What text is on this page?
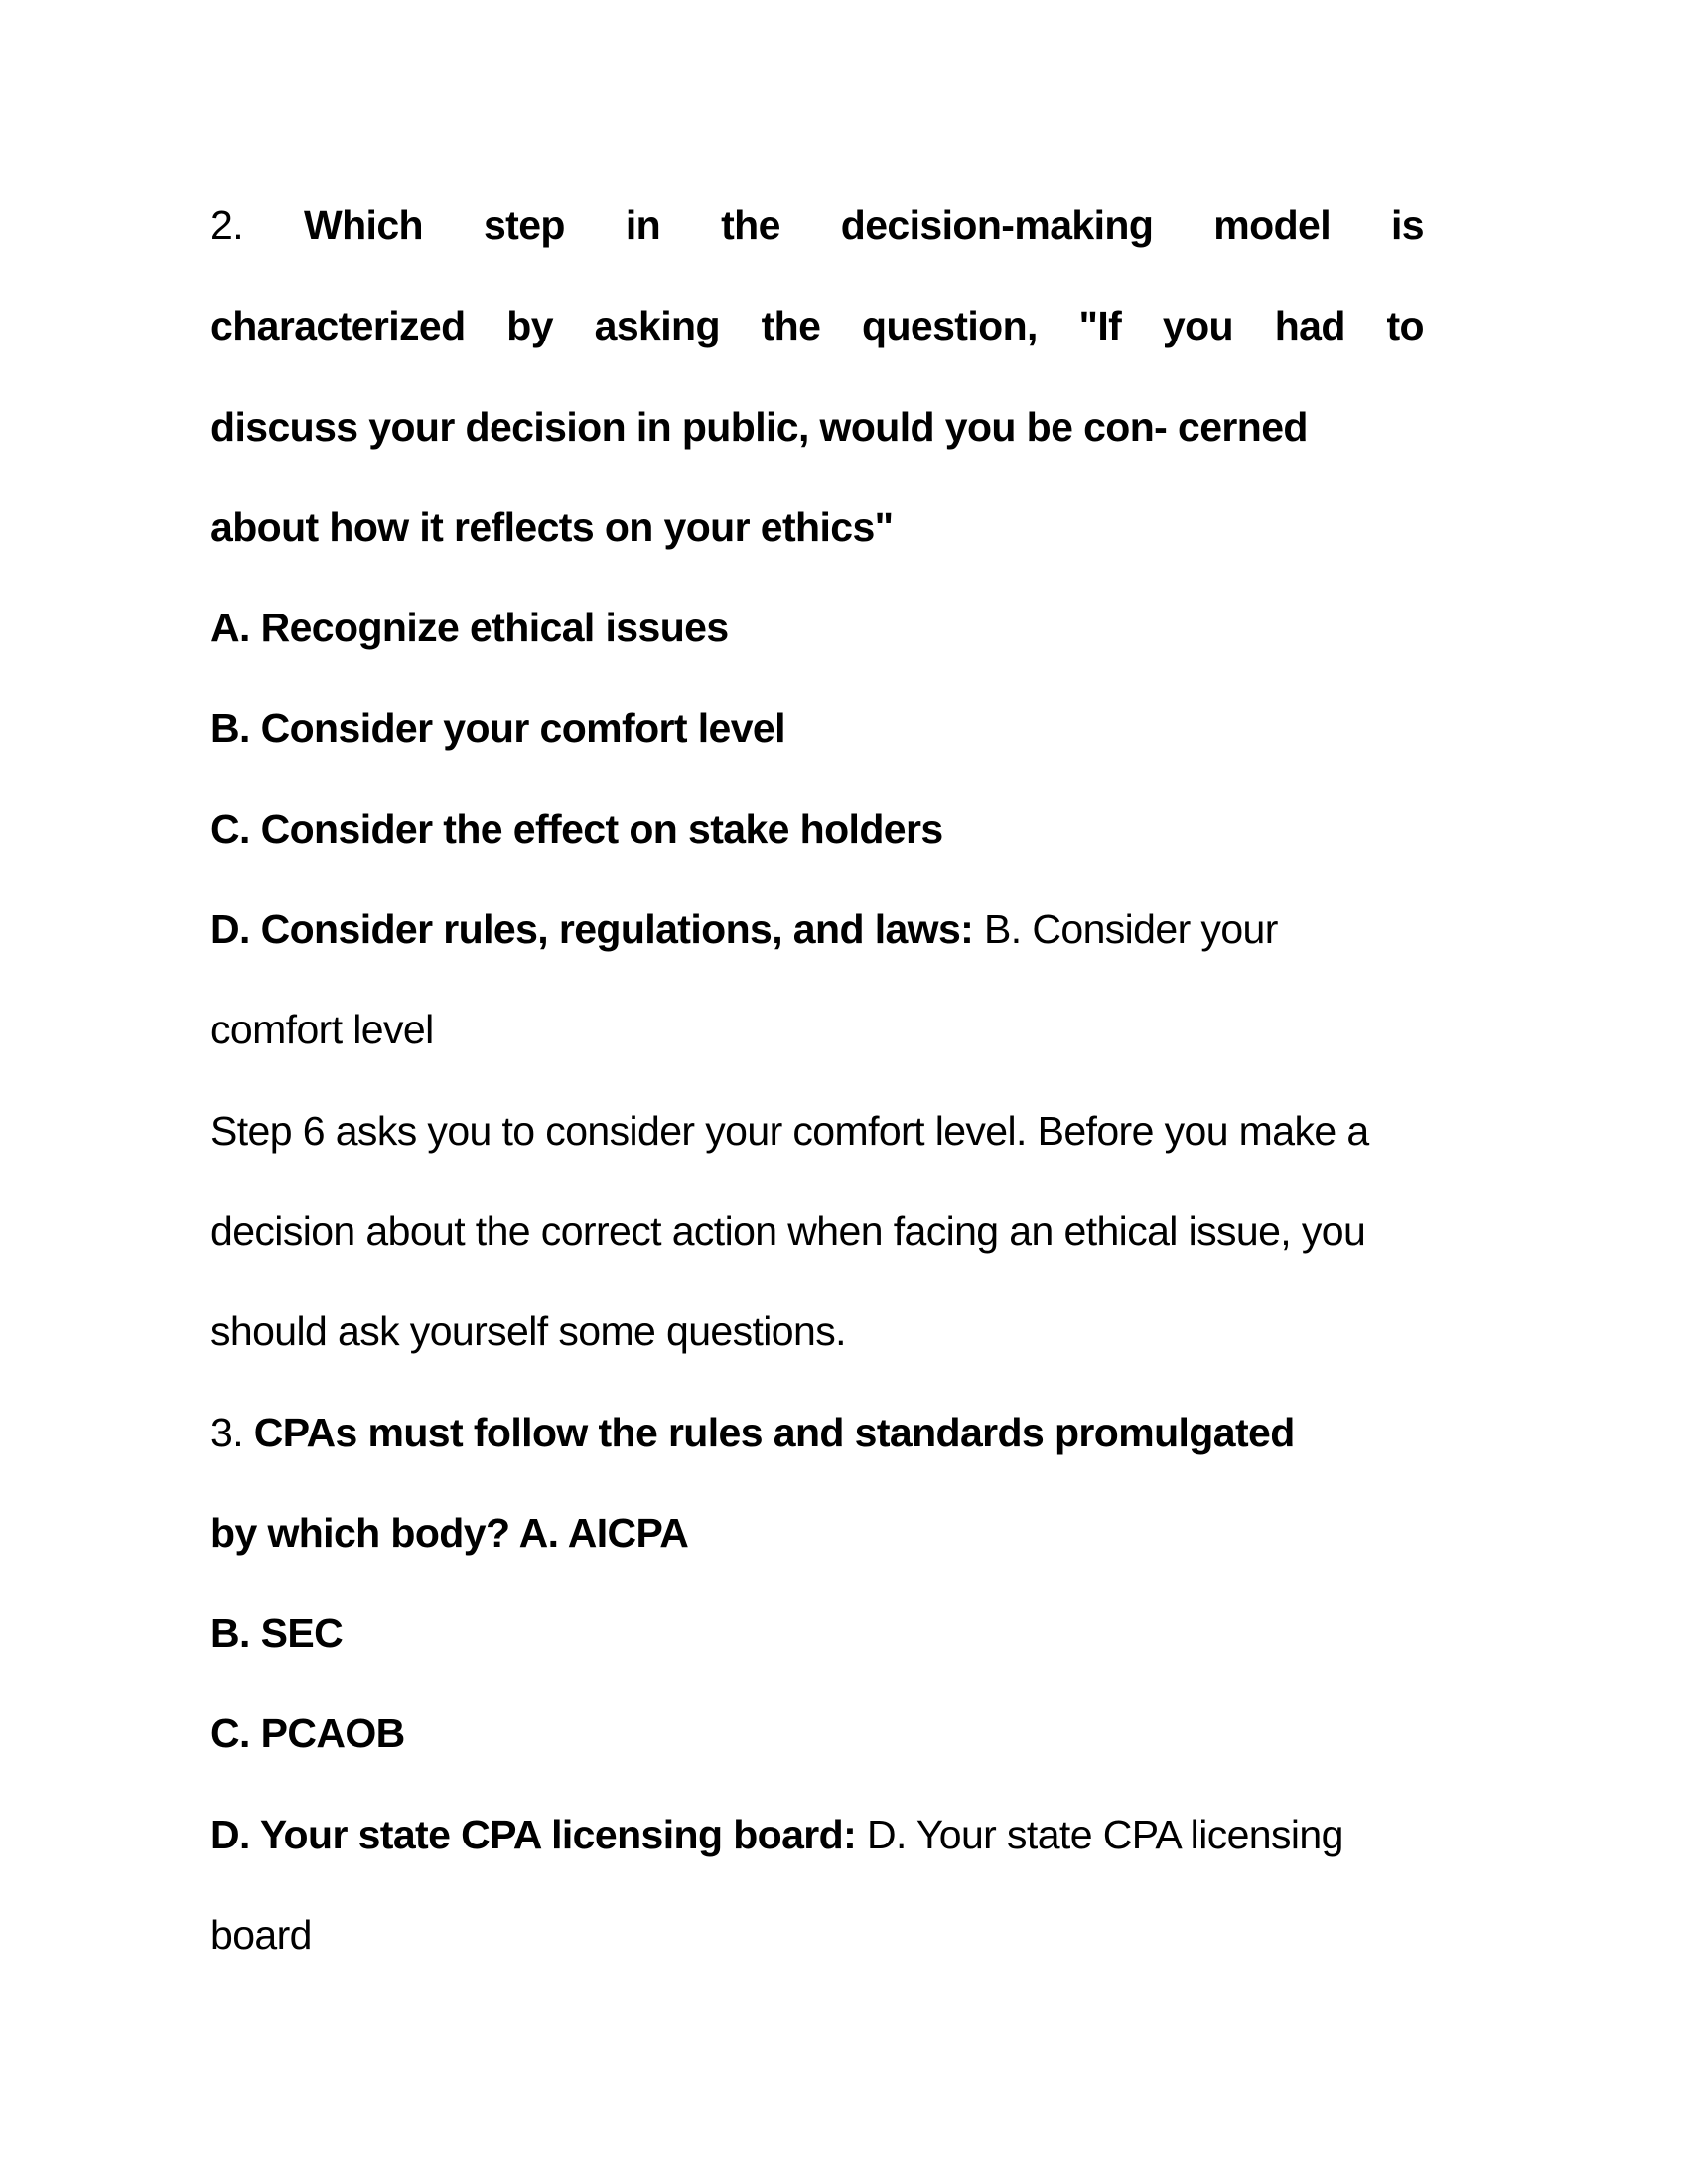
2. Which step in the decision-making model is
characterized by asking the question, "If you had to
discuss your decision in public, would you be con- cerned
about how it reflects on your ethics"
A. Recognize ethical issues
B. Consider your comfort level
C. Consider the effect on stake holders
D. Consider rules, regulations, and laws: B. Consider your
comfort level
Step 6 asks you to consider your comfort level. Before you make a
decision about the correct action when facing an ethical issue, you
should ask yourself some questions.
3. CPAs must follow the rules and standards promulgated
by which body? A. AICPA
B. SEC
C. PCAOB
D. Your state CPA licensing board: D. Your state CPA licensing
board
